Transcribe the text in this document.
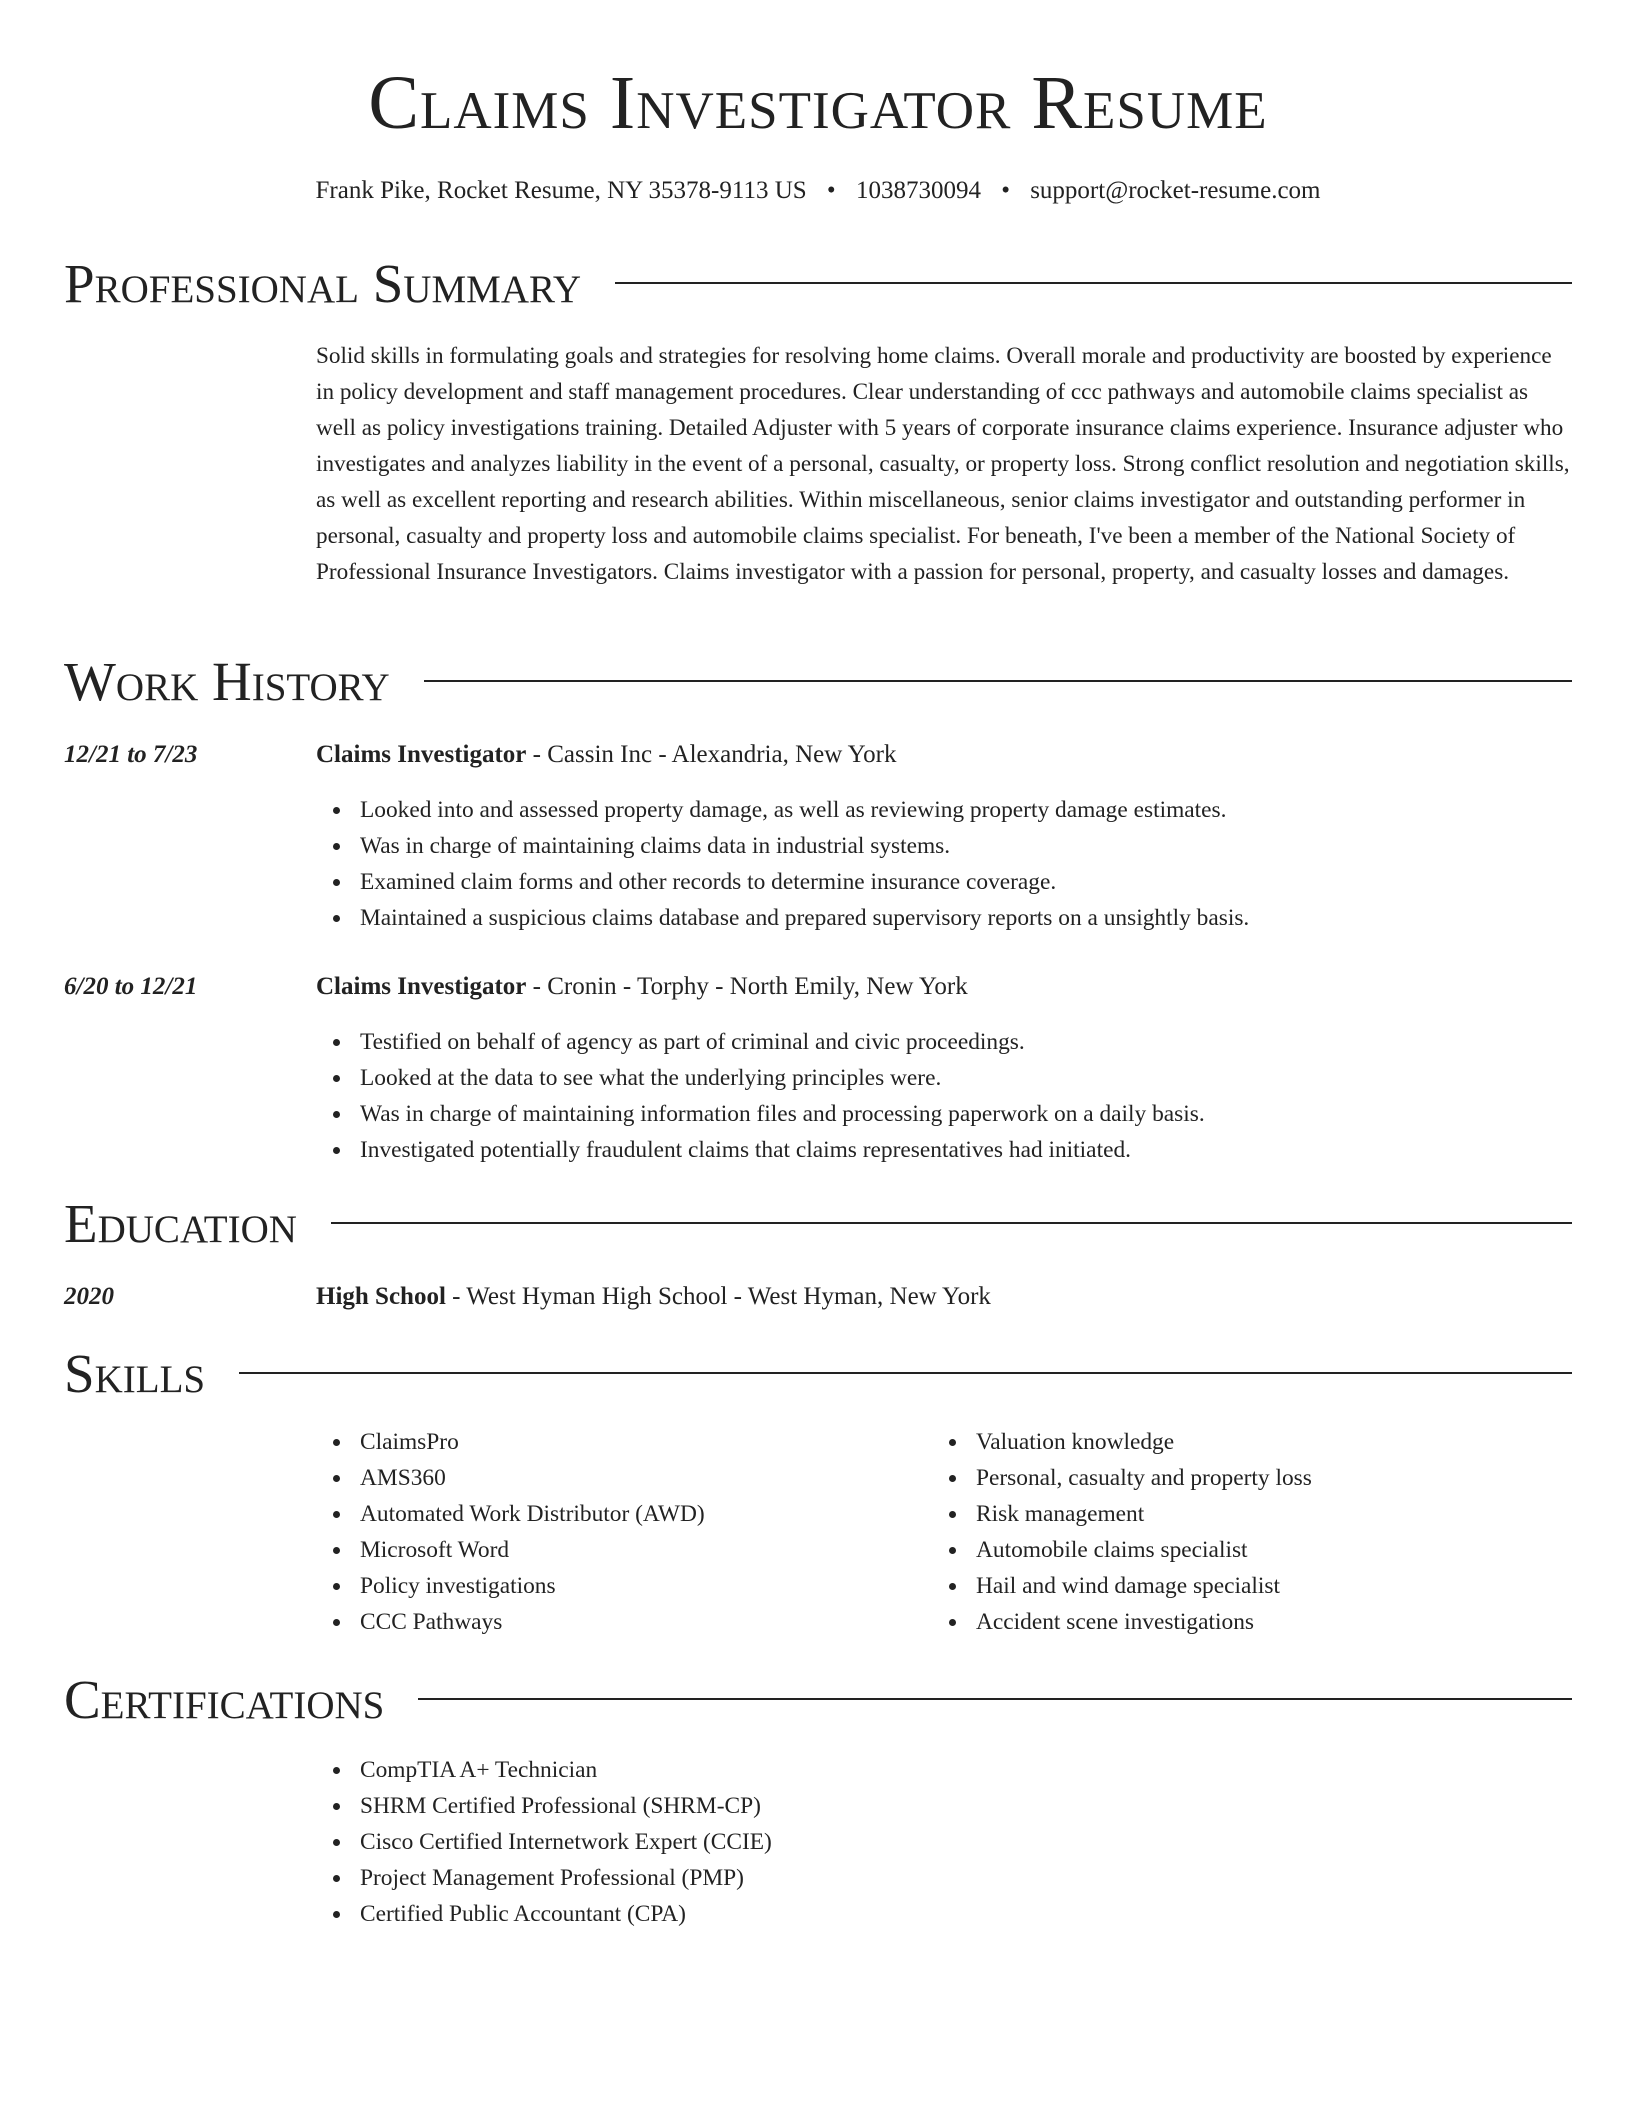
Claims Investigator Resume
Frank Pike, Rocket Resume, NY 35378-9113 US • 1038730094 • support@rocket-resume.com
Professional Summary

Solid skills in formulating goals and strategies for resolving home claims. Overall morale and productivity are boosted by experience in policy development and staff management procedures. Clear understanding of ccc pathways and automobile claims specialist as well as policy investigations training. Detailed Adjuster with 5 years of corporate insurance claims experience. Insurance adjuster who investigates and analyzes liability in the event of a personal, casualty, or property loss. Strong conflict resolution and negotiation skills, as well as excellent reporting and research abilities. Within miscellaneous, senior claims investigator and outstanding performer in personal, casualty and property loss and automobile claims specialist. For beneath, I've been a member of the National Society of Professional Insurance Investigators. Claims investigator with a passion for personal, property, and casualty losses and damages.

Work History
12/21 to 7/23	Claims Investigator - Cassin Inc - Alexandria, New York
Looked into and assessed property damage, as well as reviewing property damage estimates.
Was in charge of maintaining claims data in industrial systems.
Examined claim forms and other records to determine insurance coverage.
Maintained a suspicious claims database and prepared supervisory reports on a unsightly basis.
6/20 to 12/21	Claims Investigator - Cronin - Torphy - North Emily, New York
Testified on behalf of agency as part of criminal and civic proceedings.
Looked at the data to see what the underlying principles were.
Was in charge of maintaining information files and processing paperwork on a daily basis.
Investigated potentially fraudulent claims that claims representatives had initiated.
Education
2020	High School - West Hyman High School - West Hyman, New York
Skills
ClaimsPro
AMS360
Automated Work Distributor (AWD)
Microsoft Word
Policy investigations
CCC Pathways
Valuation knowledge
Personal, casualty and property loss
Risk management
Automobile claims specialist
Hail and wind damage specialist
Accident scene investigations
Certifications
CompTIA A+ Technician
SHRM Certified Professional (SHRM-CP)
Cisco Certified Internetwork Expert (CCIE)
Project Management Professional (PMP)
Certified Public Accountant (CPA)
